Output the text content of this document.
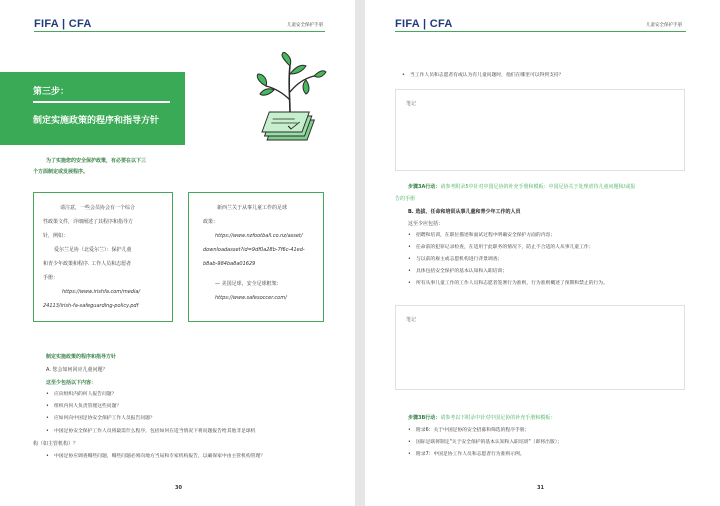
FIFA | CFA	儿童安全保护手册
第三步：
制定实施政策的程序和指导方针
为了实施您的安全保护政策，有必要在以下三
个方面制定或发展程序。
请注意，一些会员协会有一个综合
性政策文件，详细阐述了其程序和指导方
针，例如：
爱尔兰足协（北爱尔兰）：保护儿童
和青少年政策和程序. 工作人员和志愿者
手册：
https://www.irishfa.com/media/
24113/irish-fa-safeguarding-policy.pdf
新西兰关于从事儿童工作的足球
政策：
https://www.nzfootball.co.nz/asset/
downloadasset?id=9df0a28b-7f6c-41ed-
b8ab-984ba8a01629
— 美国足球，安全足球框架：
https://www.safesoccer.com/
制定实施政策的程序和指导方针
A. 您会如何回应儿童问题？
这至少包括以下内容：
• 应向组织内的何人报告问题？
• 组织内何人负责管理这些问题？
• 应如何向中国足协安全保护工作人员报告问题？
• 中国足协安全保护工作人员将最需什么程序，包括如何在适当情况下将问题报告给其他非足球机
构（如主管机构）？
• 中国足协应调查哪些问题，哪些问题必须向地方当局和专家机构报告，以确保家中由主管机构管理？
30
FIFA | CFA	儿童安全保护手册
• 当工作人员和志愿者有或认为有儿童问题时，他们在哪里可以得到支持？
笔记
步骤3A行动：请参考附录5中针对中国足协的补充手册和模板：中国足协关于处理虐待儿童问题和/或报
告的手册
B. 选拔、任命和培训从事儿童和青少年工作的人员
这至少应包括：
• 招聘和培训，在职位描述和面试过程中明确安全保护方面的内容；
• 任命前的犯罪记录检查，在适用于此职务的情况下，防止不合适的人从事儿童工作；
• 与以前的雇主或志愿机构进行背景调查；
• 具体包括安全保护的基本认知和入职培训；
• 所有从事儿童工作的工作人员和志愿者签署行为准则，行为准则概述了预期和禁止的行为。
笔记
步骤3B行动：请参考以下附录中针对中国足协的补充手册和模板：
• 附录6：关于中国足协的安全招募和筛选的程序手册；
• 国际足联将制定"关于安全保护的基本认知和入职培训"（即将出版）；
• 附录7：中国足协工作人员和志愿者行为准则示例。
31
